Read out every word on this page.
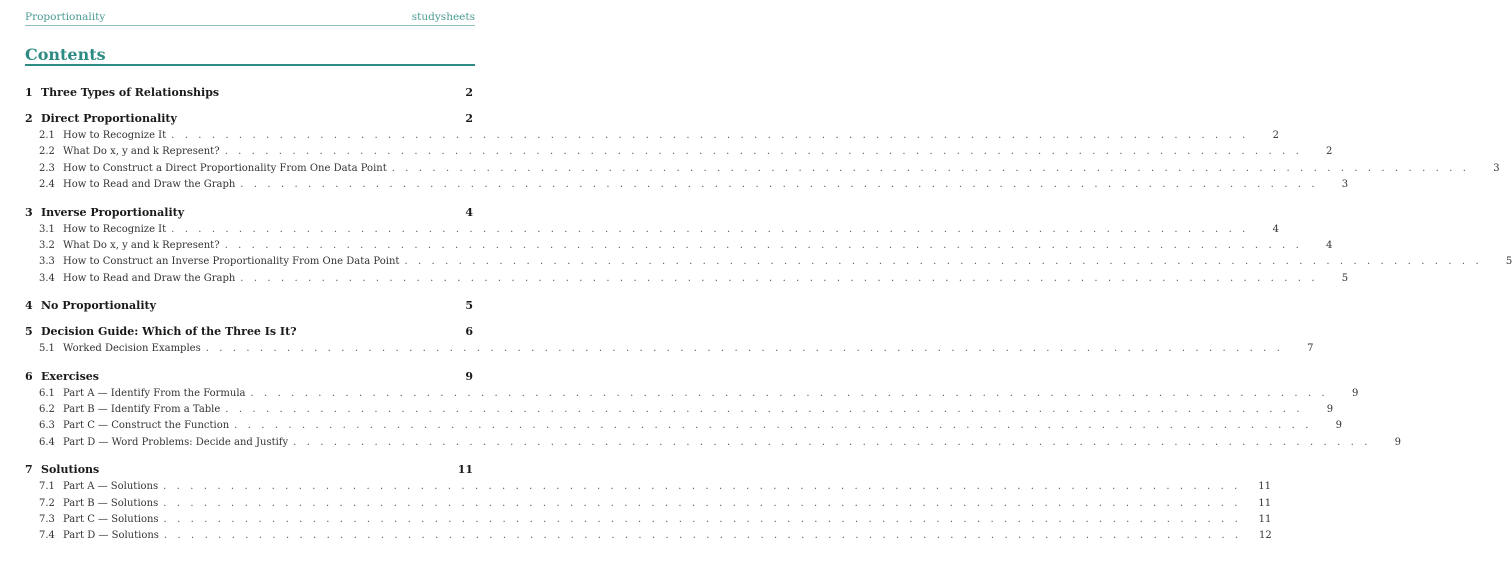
Proportionality	studysheets
Contents
1 Three Types of Relationships	2
2 Direct Proportionality	2
2.1 How to Recognize It . . . . . . . . . . . . . . . . . . . . . . . . . . . . . . . . . . . . . . . . . . . . . . . . . . . . . . . . . . . . . . . . . . . . . . . . . . . . . . . .	2
2.2 What Do x, y and k Represent? . . . . . . . . . . . . . . . . . . . . . . . . . . . . . . . . . . . . . . . . . . . . . . . . . . . . . . . . . . . . . . . . . . . . . . . . . . . . . . . .	2
2.3 How to Construct a Direct Proportionality From One Data Point . . . . . . . . . . . . . . . . . . . . . . . . . . . . . . . . . . . . . . . . . . . . . . . . . . . . . . . . . . . . . . . . . . . . . . . . . . . . . . . .	3
2.4 How to Read and Draw the Graph . . . . . . . . . . . . . . . . . . . . . . . . . . . . . . . . . . . . . . . . . . . . . . . . . . . . . . . . . . . . . . . . . . . . . . . . . . . . . . . .	3
3 Inverse Proportionality	4
3.1 How to Recognize It . . . . . . . . . . . . . . . . . . . . . . . . . . . . . . . . . . . . . . . . . . . . . . . . . . . . . . . . . . . . . . . . . . . . . . . . . . . . . . . .	4
3.2 What Do x, y and k Represent? . . . . . . . . . . . . . . . . . . . . . . . . . . . . . . . . . . . . . . . . . . . . . . . . . . . . . . . . . . . . . . . . . . . . . . . . . . . . . . . .	4
3.3 How to Construct an Inverse Proportionality From One Data Point . . . . . . . . . . . . . . . . . . . . . . . . . . . . . . . . . . . . . . . . . . . . . . . . . . . . . . . . . . . . . . . . . . . . . . . . . . . . . . . .	5
3.4 How to Read and Draw the Graph . . . . . . . . . . . . . . . . . . . . . . . . . . . . . . . . . . . . . . . . . . . . . . . . . . . . . . . . . . . . . . . . . . . . . . . . . . . . . . . .	5
4 No Proportionality	5
5 Decision Guide: Which of the Three Is It?	6
5.1 Worked Decision Examples . . . . . . . . . . . . . . . . . . . . . . . . . . . . . . . . . . . . . . . . . . . . . . . . . . . . . . . . . . . . . . . . . . . . . . . . . . . . . . . .	7
6 Exercises	9
6.1 Part A — Identify From the Formula . . . . . . . . . . . . . . . . . . . . . . . . . . . . . . . . . . . . . . . . . . . . . . . . . . . . . . . . . . . . . . . . . . . . . . . . . . . . . . . .	9
6.2 Part B — Identify From a Table . . . . . . . . . . . . . . . . . . . . . . . . . . . . . . . . . . . . . . . . . . . . . . . . . . . . . . . . . . . . . . . . . . . . . . . . . . . . . . . .	9
6.3 Part C — Construct the Function . . . . . . . . . . . . . . . . . . . . . . . . . . . . . . . . . . . . . . . . . . . . . . . . . . . . . . . . . . . . . . . . . . . . . . . . . . . . . . . .	9
6.4 Part D — Word Problems: Decide and Justify . . . . . . . . . . . . . . . . . . . . . . . . . . . . . . . . . . . . . . . . . . . . . . . . . . . . . . . . . . . . . . . . . . . . . . . . . . . . . . . .	9
7 Solutions	11
7.1 Part A — Solutions . . . . . . . . . . . . . . . . . . . . . . . . . . . . . . . . . . . . . . . . . . . . . . . . . . . . . . . . . . . . . . . . . . . . . . . . . . . . . . . .	11
7.2 Part B — Solutions . . . . . . . . . . . . . . . . . . . . . . . . . . . . . . . . . . . . . . . . . . . . . . . . . . . . . . . . . . . . . . . . . . . . . . . . . . . . . . . .	11
7.3 Part C — Solutions . . . . . . . . . . . . . . . . . . . . . . . . . . . . . . . . . . . . . . . . . . . . . . . . . . . . . . . . . . . . . . . . . . . . . . . . . . . . . . . .	11
7.4 Part D — Solutions . . . . . . . . . . . . . . . . . . . . . . . . . . . . . . . . . . . . . . . . . . . . . . . . . . . . . . . . . . . . . . . . . . . . . . . . . . . . . . . .	12
